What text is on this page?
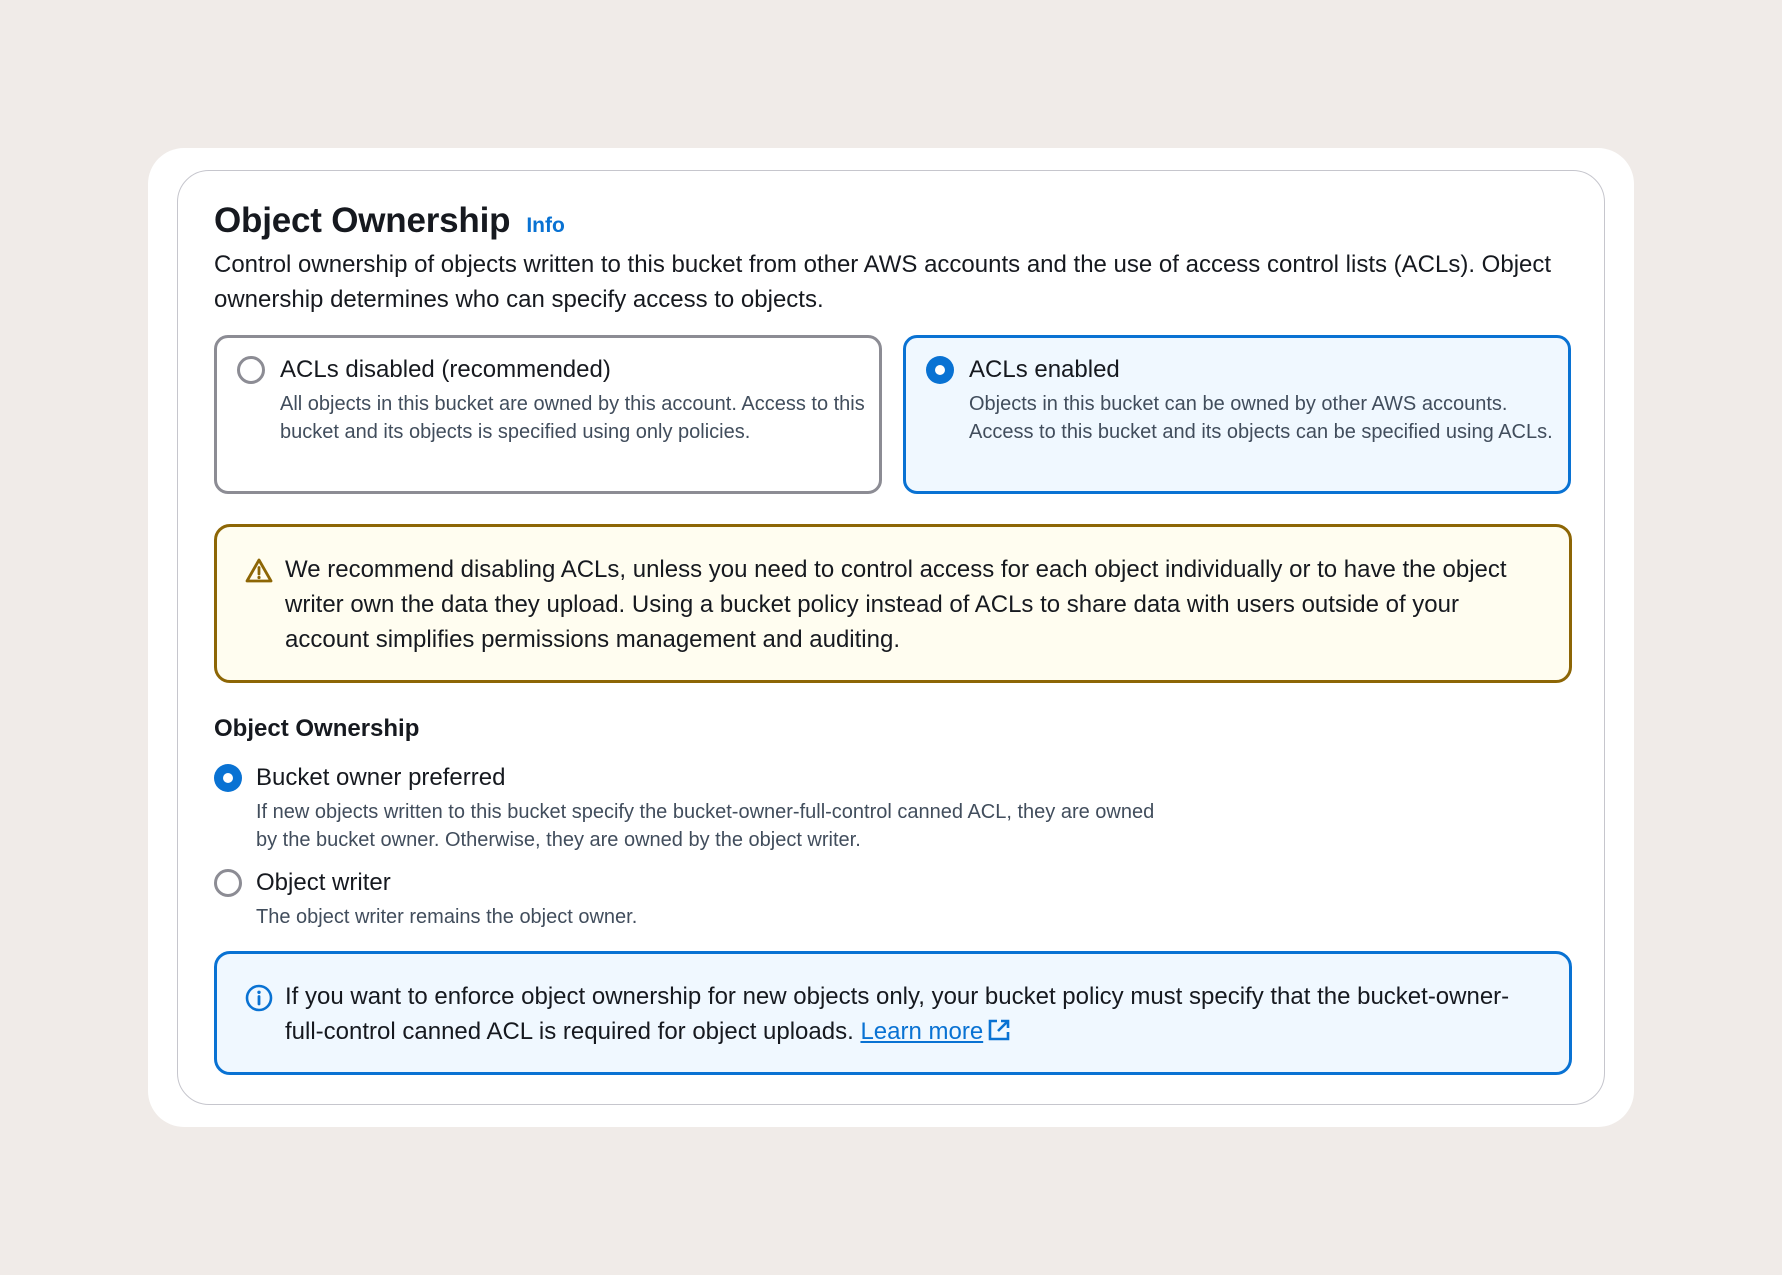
Object Ownership Info
Control ownership of objects written to this bucket from other AWS accounts and the use of access control lists (ACLs). Object ownership determines who can specify access to objects.
ACLs disabled (recommended)
All objects in this bucket are owned by this account. Access to this bucket and its objects is specified using only policies.
ACLs enabled
Objects in this bucket can be owned by other AWS accounts. Access to this bucket and its objects can be specified using ACLs.
We recommend disabling ACLs, unless you need to control access for each object individually or to have the object writer own the data they upload. Using a bucket policy instead of ACLs to share data with users outside of your account simplifies permissions management and auditing.
Object Ownership
Bucket owner preferred
If new objects written to this bucket specify the bucket-owner-full-control canned ACL, they are owned by the bucket owner. Otherwise, they are owned by the object writer.
Object writer
The object writer remains the object owner.
If you want to enforce object ownership for new objects only, your bucket policy must specify that the bucket-owner-full-control canned ACL is required for object uploads. Learn more
